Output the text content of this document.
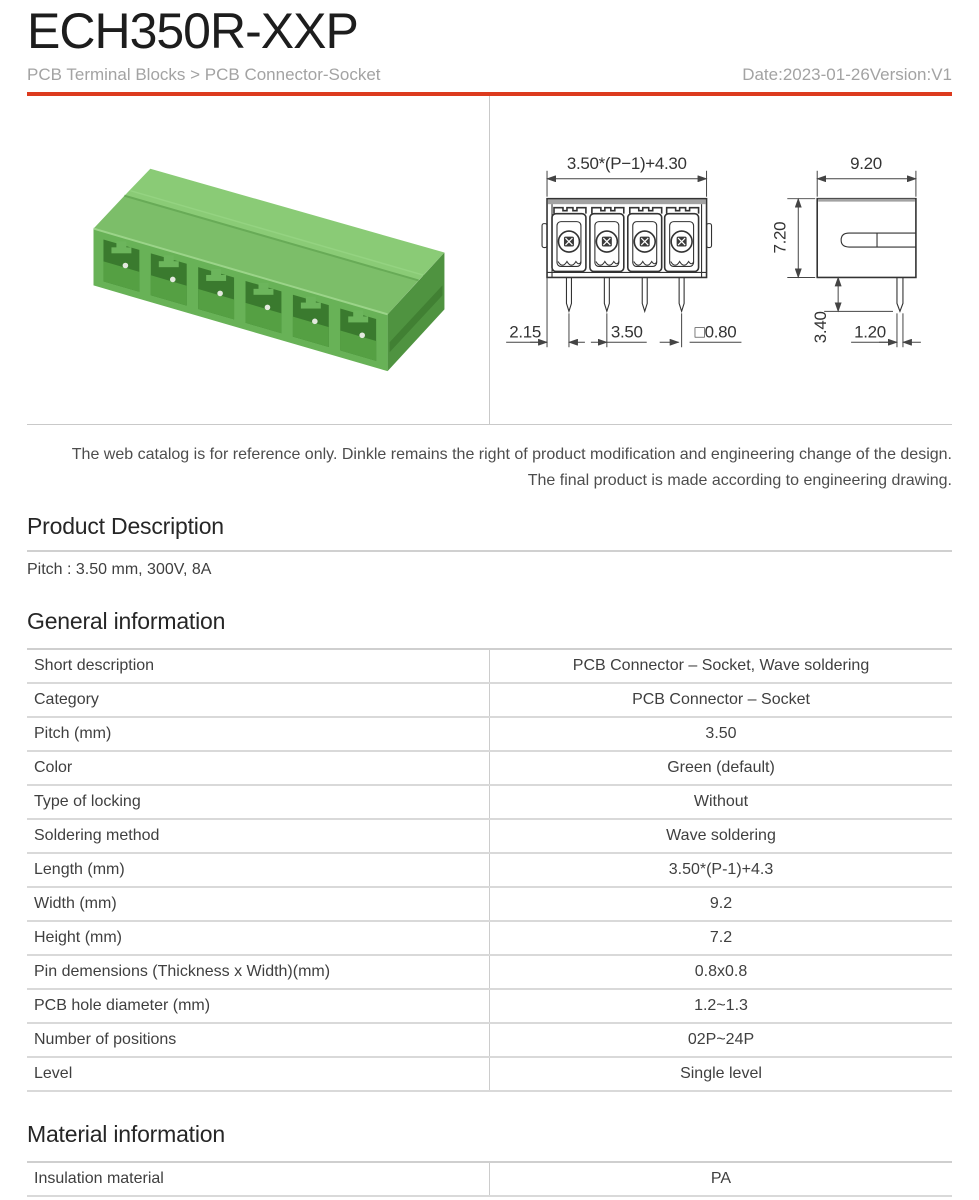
ECH350R-XXP
PCB Terminal Blocks > PCB Connector-Socket	Date:2023-01-26Version:V1
3.50*(P−1)+4.30
2.15	3.50	□0.80
9.20
7.20
3.40 1.20

The web catalog is for reference only. Dinkle remains the right of product modification and engineering change of the design.
The final product is made according to engineering drawing.

Product Description

Pitch : 3.50 mm, 300V, 8A

General information
Short description	PCB Connector – Socket, Wave soldering
Category	PCB Connector – Socket
Pitch (mm)	3.50
Color	Green (default)
Type of locking	Without
Soldering method	Wave soldering
Length (mm)	3.50*(P-1)+4.3
Width (mm)	9.2
Height (mm)	7.2
Pin demensions (Thickness x Width)(mm)	0.8x0.8
PCB hole diameter (mm)	1.2~1.3
Number of positions	02P~24P
Level	Single level
Material information
Insulation material	PA
